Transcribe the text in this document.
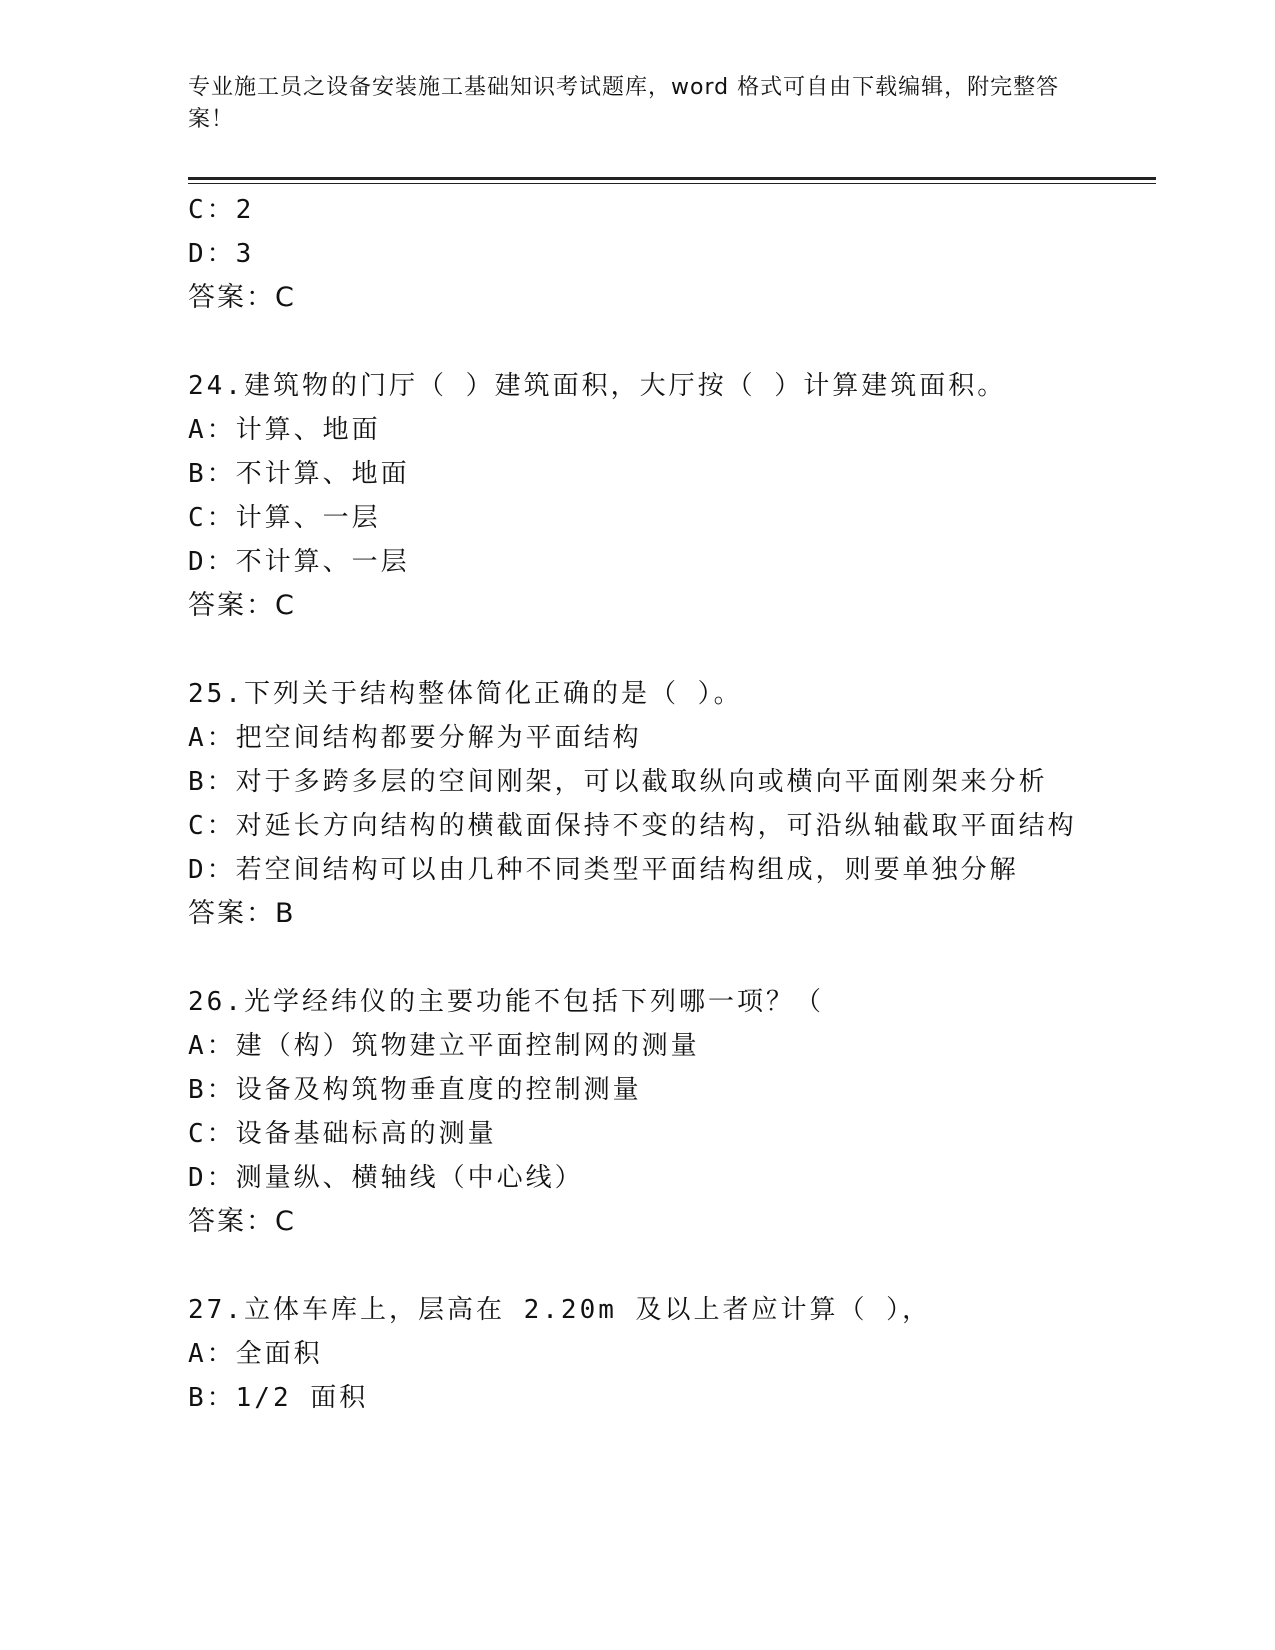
专业施工员之设备安装施工基础知识考试题库，word 格式可自由下载编辑，附完整答案！
C：2
D：3
答案：C
24.建筑物的门厅（ ）建筑面积，大厅按（ ）计算建筑面积。
A：计算、地面
B：不计算、地面
C：计算、一层
D：不计算、一层
答案：C
25.下列关于结构整体简化正确的是（ ）。
A：把空间结构都要分解为平面结构
B：对于多跨多层的空间刚架，可以截取纵向或横向平面刚架来分析
C：对延长方向结构的横截面保持不变的结构，可沿纵轴截取平面结构
D：若空间结构可以由几种不同类型平面结构组成，则要单独分解
答案：B
26.光学经纬仪的主要功能不包括下列哪一项？（
A：建（构）筑物建立平面控制网的测量
B：设备及构筑物垂直度的控制测量
C：设备基础标高的测量
D：测量纵、横轴线（中心线）
答案：C
27.立体车库上，层高在 2.20m 及以上者应计算（ ），
A：全面积
B：1/2 面积
